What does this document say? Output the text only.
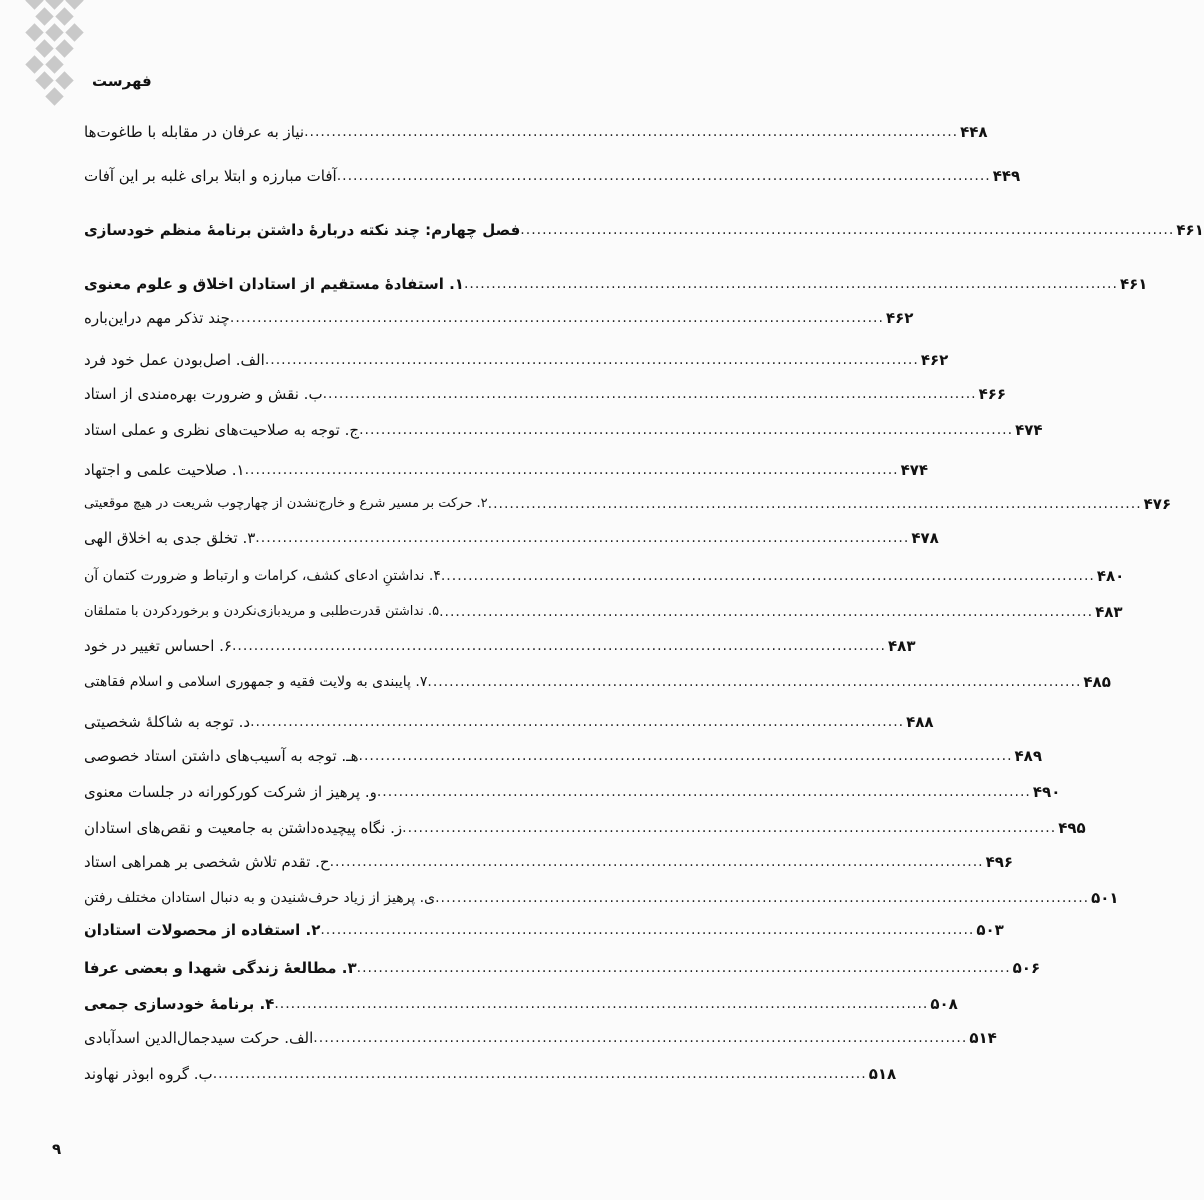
فهرست
نیاز به عرفان در مقابله با طاغوت‌ها ........................................................................................................................ ۴۴۸
آفات مبارزه و ابتلا برای غلبه بر این آفات ........................................................................................................................ ۴۴۹
فصل چهارم: چند نکته دربارهٔ داشتن برنامهٔ منظم خودسازی ........................................................................................................................ ۴۶۱
۱. استفادهٔ مستقیم از استادان اخلاق و علوم معنوی ........................................................................................................................ ۴۶۱
چند تذکر مهم دراین‌باره ........................................................................................................................ ۴۶۲
الف. اصل‌بودن عمل خود فرد ........................................................................................................................ ۴۶۲
ب. نقش و ضرورت بهره‌مندی از استاد ........................................................................................................................ ۴۶۶
ج. توجه به صلاحیت‌های نظری و عملی استاد ........................................................................................................................ ۴۷۴
۱. صلاحیت علمی و اجتهاد ........................................................................................................................ ۴۷۴
۲. حرکت بر مسیر شرع و خارج‌نشدن از چهارچوب شریعت در هیچ موقعیتی ........................................................................................................................ ۴۷۶
۳. تخلق جدی به اخلاق الهی ........................................................................................................................ ۴۷۸
۴. نداشتنِ ادعای کشف، کرامات و ارتباط و ضرورت کتمان آن ........................................................................................................................ ۴۸۰
۵. نداشتن قدرت‌طلبی و مریدبازی‌نکردن و برخوردکردن با متملقان ........................................................................................................................ ۴۸۳
۶. احساس تغییر در خود ........................................................................................................................ ۴۸۳
۷. پایبندی به ولایت فقیه و جمهوری اسلامی و اسلام فقاهتی ........................................................................................................................ ۴۸۵
د. توجه به شاکلهٔ شخصیتی ........................................................................................................................ ۴۸۸
هـ. توجه به آسیب‌های داشتن استاد خصوصی ........................................................................................................................ ۴۸۹
و. پرهیز از شرکت کورکورانه در جلسات معنوی ........................................................................................................................ ۴۹۰
ز. نگاه پیچیده‌داشتن به جامعیت و نقص‌های استادان ........................................................................................................................ ۴۹۵
ح. تقدم تلاش شخصی بر همراهی استاد ........................................................................................................................ ۴۹۶
ی. پرهیز از زیاد حرف‌شنیدن و به دنبال استادان مختلف رفتن ........................................................................................................................ ۵۰۱
۲. استفاده از محصولات استادان ........................................................................................................................ ۵۰۳
۳. مطالعهٔ زندگی شهدا و بعضی عرفا ........................................................................................................................ ۵۰۶
۴. برنامهٔ خودسازی جمعی ........................................................................................................................ ۵۰۸
الف. حرکت سیدجمال‌الدین اسدآبادی ........................................................................................................................ ۵۱۴
ب. گروه ابوذر نهاوند ........................................................................................................................ ۵۱۸
۹
